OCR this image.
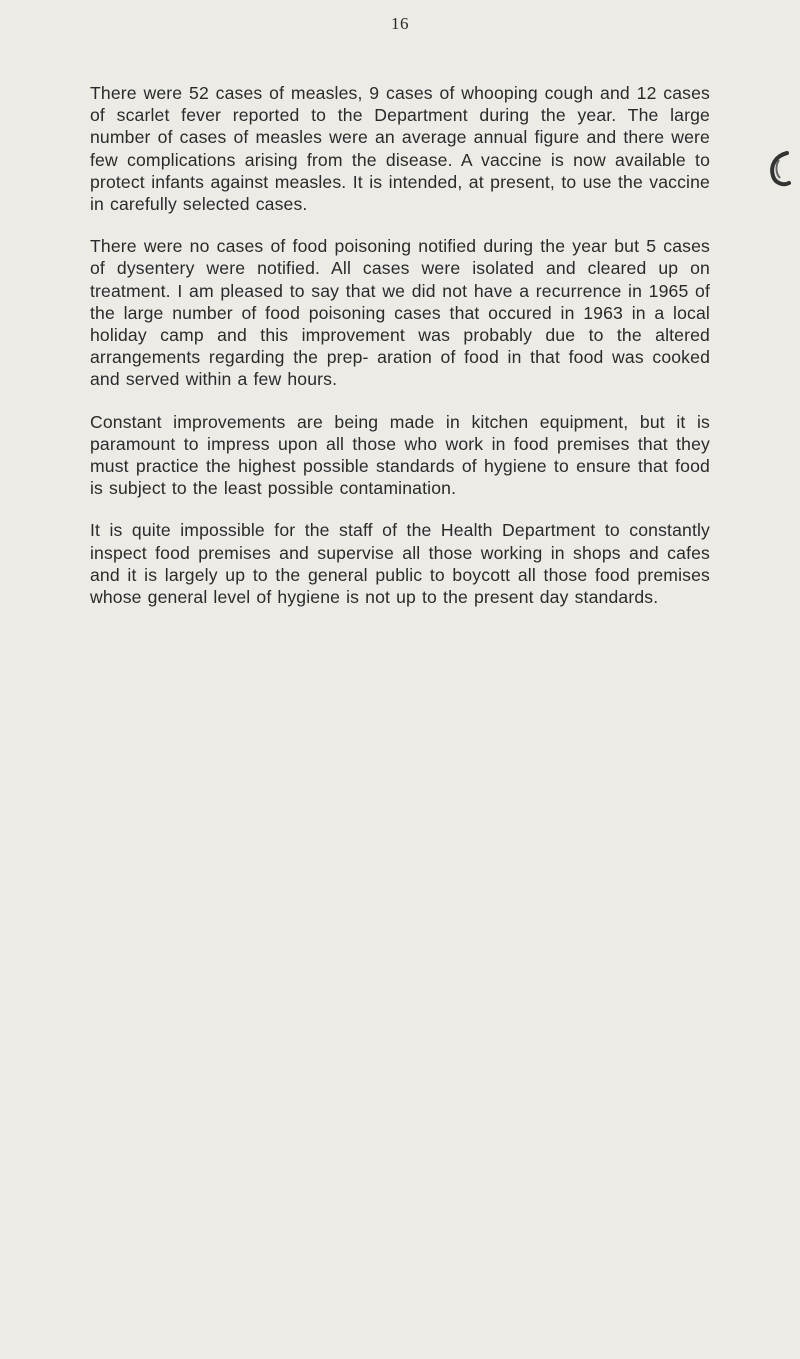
16

There were 52 cases of measles, 9 cases of whooping cough and 12 cases of scarlet fever reported to the Department during the year. The large number of cases of measles were an average annual figure and there were few complications arising from the disease. A vaccine is now available to protect infants against measles. It is intended, at present, to use the vaccine in carefully selected cases.

There were no cases of food poisoning notified during the year but 5 cases of dysentery were notified. All cases were isolated and cleared up on treatment. I am pleased to say that we did not have a recurrence in 1965 of the large number of food poisoning cases that occured in 1963 in a local holiday camp and this improvement was probably due to the altered arrangements regarding the prep- aration of food in that food was cooked and served within a few hours.

Constant improvements are being made in kitchen equipment, but it is paramount to impress upon all those who work in food premises that they must practice the highest possible standards of hygiene to ensure that food is subject to the least possible contamination.

It is quite impossible for the staff of the Health Department to constantly inspect food premises and supervise all those working in shops and cafes and it is largely up to the general public to boycott all those food premises whose general level of hygiene is not up to the present day standards.
